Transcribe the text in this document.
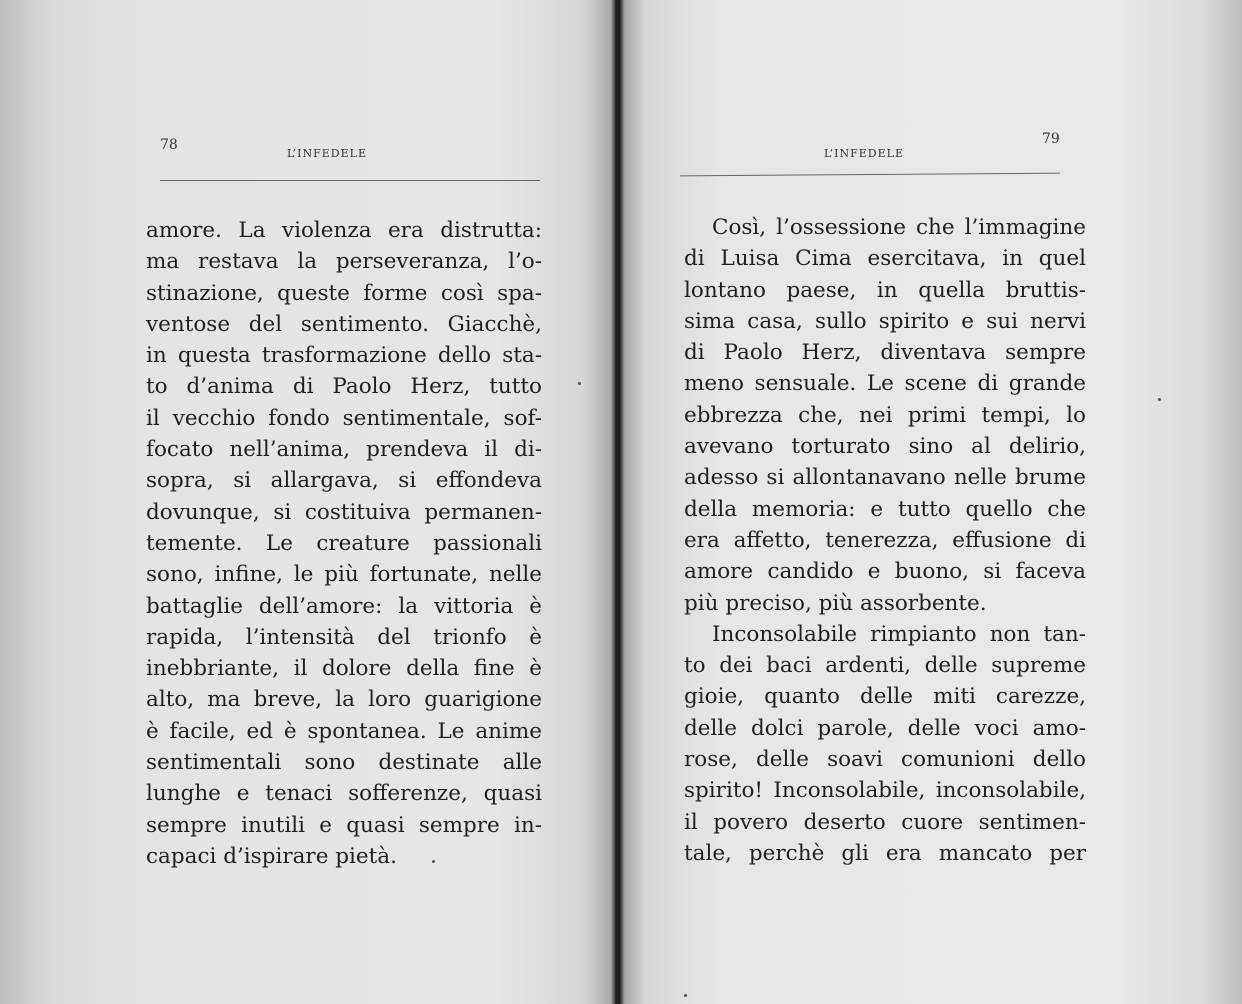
78
L’INFEDELE
amore. La violenza era distrutta:
ma restava la perseveranza, l’o-
stinazione, queste forme così spa-
ventose del sentimento. Giacchè,
in questa trasformazione dello sta-
to d’anima di Paolo Herz, tutto
il vecchio fondo sentimentale, sof-
focato nell’anima, prendeva il di-
sopra, si allargava, si effondeva
dovunque, si costituiva permanen-
temente. Le creature passionali
sono, infine, le più fortunate, nelle
battaglie dell’amore: la vittoria è
rapida, l’intensità del trionfo è
inebbriante, il dolore della fine è
alto, ma breve, la loro guarigione
è facile, ed è spontanea. Le anime
sentimentali sono destinate alle
lunghe e tenaci sofferenze, quasi
sempre inutili e quasi sempre in-
capaci d’ispirare pietà.
L’INFEDELE
79
Così, l’ossessione che l’immagine
di Luisa Cima esercitava, in quel
lontano paese, in quella bruttis-
sima casa, sullo spirito e sui nervi
di Paolo Herz, diventava sempre
meno sensuale. Le scene di grande
ebbrezza che, nei primi tempi, lo
avevano torturato sino al delirio,
adesso si allontanavano nelle brume
della memoria: e tutto quello che
era affetto, tenerezza, effusione di
amore candido e buono, si faceva
più preciso, più assorbente.
Inconsolabile rimpianto non tan-
to dei baci ardenti, delle supreme
gioie, quanto delle miti carezze,
delle dolci parole, delle voci amo-
rose, delle soavi comunioni dello
spirito! Inconsolabile, inconsolabile,
il povero deserto cuore sentimen-
tale, perchè gli era mancato per
